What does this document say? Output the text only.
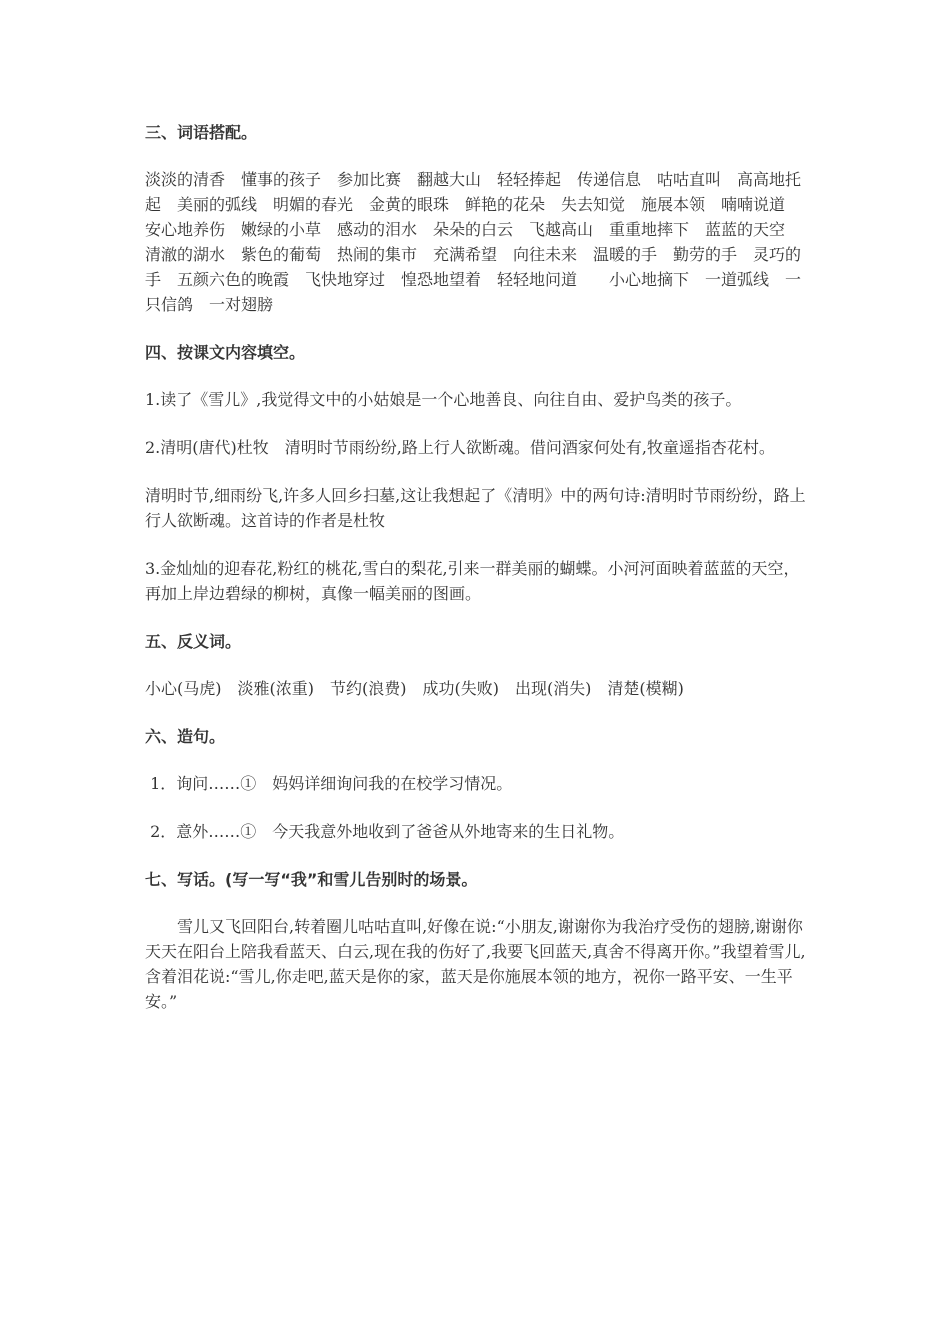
三、词语搭配。

淡淡的清香　懂事的孩子　参加比赛　翻越大山　轻轻捧起　传递信息　咕咕直叫　高高地托起　美丽的弧线　明媚的春光　金黄的眼珠　鲜艳的花朵　失去知觉　施展本领　喃喃说道　安心地养伤　嫩绿的小草　感动的泪水　朵朵的白云　飞越高山　重重地摔下　蓝蓝的天空　清澈的湖水　紫色的葡萄　热闹的集市　充满希望　向往未来　温暖的手　勤劳的手　灵巧的手　五颜六色的晚霞　飞快地穿过　惶恐地望着　轻轻地问道　　小心地摘下　一道弧线　一只信鸽　一对翅膀

四、按课文内容填空。

1.读了《雪儿》,我觉得文中的小姑娘是一个心地善良、向往自由、爱护鸟类的孩子。

2.清明(唐代)杜牧　清明时节雨纷纷,路上行人欲断魂。借问酒家何处有,牧童遥指杏花村。

清明时节,细雨纷飞,许多人回乡扫墓,这让我想起了《清明》中的两句诗:清明时节雨纷纷，路上行人欲断魂。这首诗的作者是杜牧

3.金灿灿的迎春花,粉红的桃花,雪白的梨花,引来一群美丽的蝴蝶。小河河面映着蓝蓝的天空，再加上岸边碧绿的柳树，真像一幅美丽的图画。

五、反义词。

小心(马虎)　淡雅(浓重)　节约(浪费)　成功(失败)　出现(消失)　清楚(模糊)

六、造句。

1．询问……①　妈妈详细询问我的在校学习情况。

2．意外……①　今天我意外地收到了爸爸从外地寄来的生日礼物。

七、写话。(写一写“我”和雪儿告别时的场景。

雪儿又飞回阳台,转着圈儿咕咕直叫,好像在说:“小朋友,谢谢你为我治疗受伤的翅膀,谢谢你天天在阳台上陪我看蓝天、白云,现在我的伤好了,我要飞回蓝天,真舍不得离开你。”我望着雪儿,含着泪花说:“雪儿,你走吧,蓝天是你的家，蓝天是你施展本领的地方，祝你一路平安、一生平安。”
